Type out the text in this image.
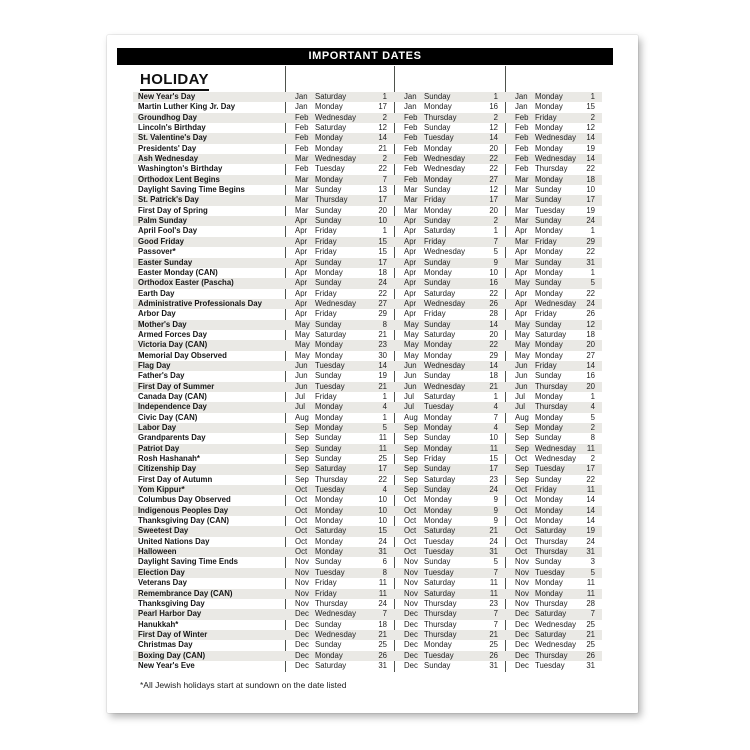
IMPORTANT DATES
HOLIDAY
New Year's Day	Jan Saturday	1 Jan Sunday	1 Jan Monday	1
Martin Luther King Jr. Day	Jan Monday	17 Jan Monday	16 Jan Monday	15
Groundhog Day	Feb Wednesday	2 Feb Thursday	2 Feb Friday	2
Lincoln's Birthday	Feb Saturday	12 Feb Sunday	12 Feb Monday	12
St. Valentine's Day	Feb Monday	14 Feb Tuesday	14 Feb Wednesday	14
Presidents' Day	Feb Monday	21 Feb Monday	20 Feb Monday	19
Ash Wednesday	Mar Wednesday	2 Feb Wednesday	22 Feb Wednesday	14
Washington's Birthday	Feb Tuesday	22 Feb Wednesday	22 Feb Thursday	22
Orthodox Lent Begins	Mar Monday	7 Feb Monday	27 Mar Monday	18
Daylight Saving Time Begins	Mar Sunday	13 Mar Sunday	12 Mar Sunday	10
St. Patrick's Day	Mar Thursday	17 Mar Friday	17 Mar Sunday	17
First Day of Spring	Mar Sunday	20 Mar Monday	20 Mar Tuesday	19
Palm Sunday	Apr	Sunday	10 Apr	Sunday	2 Mar Sunday	24
April Fool's Day	Apr	Friday	1 Apr	Saturday	1 Apr	Monday	1
Good Friday	Apr	Friday	15 Apr	Friday	7 Mar Friday	29
Passover*	Apr	Friday	15 Apr	Wednesday	5 Apr	Monday	22
Easter Sunday	Apr	Sunday	17 Apr	Sunday	9 Mar Sunday	31
Easter Monday (CAN)	Apr	Monday	18 Apr	Monday	10 Apr	Monday	1
Orthodox Easter (Pascha)	Apr	Sunday	24 Apr	Sunday	16 May Sunday	5
Earth Day	Apr	Friday	22 Apr	Saturday	22 Apr	Monday	22
Administrative Professionals Day	Apr	Wednesday	27 Apr	Wednesday	26 Apr	Wednesday	24
Arbor Day	Apr	Friday	29 Apr	Friday	28 Apr	Friday	26
Mother's Day	May Sunday	8 May Sunday	14 May Sunday	12
Armed Forces Day	May Saturday	21 May Saturday	20 May Saturday	18
Victoria Day (CAN)	May Monday	23 May Monday	22 May Monday	20
Memorial Day Observed	May Monday	30 May Monday	29 May Monday	27
Flag Day	Jun Tuesday	14 Jun Wednesday	14 Jun Friday	14
Father's Day	Jun Sunday	19 Jun Sunday	18 Jun Sunday	16
First Day of Summer	Jun Tuesday	21 Jun Wednesday	21 Jun Thursday	20
Canada Day (CAN)	Jul	Friday	1 Jul	Saturday	1 Jul	Monday	1
Independence Day	Jul	Monday	4 Jul	Tuesday	4 Jul	Thursday	4
Civic Day (CAN)	Aug Monday	1 Aug Monday	7 Aug Monday	5
Labor Day	Sep Monday	5 Sep Monday	4 Sep Monday	2
Grandparents Day	Sep Sunday	11 Sep Sunday	10 Sep Sunday	8
Patriot Day	Sep Sunday	11 Sep Monday	11 Sep Wednesday	11
Rosh Hashanah*	Sep Sunday	25 Sep Friday	15 Oct	Wednesday	2
Citizenship Day	Sep Saturday	17 Sep Sunday	17 Sep Tuesday	17
First Day of Autumn	Sep Thursday	22 Sep Saturday	23 Sep Sunday	22
Yom Kippur*	Oct	Tuesday	4 Sep Sunday	24 Oct	Friday	11
Columbus Day Observed	Oct	Monday	10 Oct	Monday	9 Oct	Monday	14
Indigenous Peoples Day	Oct	Monday	10 Oct	Monday	9 Oct	Monday	14
Thanksgiving Day (CAN)	Oct	Monday	10 Oct	Monday	9 Oct	Monday	14
Sweetest Day	Oct	Saturday	15 Oct	Saturday	21 Oct	Saturday	19
United Nations Day	Oct	Monday	24 Oct	Tuesday	24 Oct	Thursday	24
Halloween	Oct	Monday	31 Oct	Tuesday	31 Oct	Thursday	31
Daylight Saving Time Ends	Nov Sunday	6 Nov Sunday	5 Nov Sunday	3
Election Day	Nov Tuesday	8 Nov Tuesday	7 Nov Tuesday	5
Veterans Day	Nov Friday	11 Nov Saturday	11 Nov Monday	11
Remembrance Day (CAN)	Nov Friday	11 Nov Saturday	11 Nov Monday	11
Thanksgiving Day	Nov Thursday	24 Nov Thursday	23 Nov Thursday	28
Pearl Harbor Day	Dec Wednesday	7 Dec Thursday	7 Dec Saturday	7
Hanukkah*	Dec Sunday	18 Dec Thursday	7 Dec Wednesday	25
First Day of Winter	Dec Wednesday	21 Dec Thursday	21 Dec Saturday	21
Christmas Day	Dec Sunday	25 Dec Monday	25 Dec Wednesday	25
Boxing Day (CAN)	Dec Monday	26 Dec Tuesday	26 Dec Thursday	26
New Year's Eve	Dec Saturday	31 Dec Sunday	31 Dec Tuesday	31
*All Jewish holidays start at sundown on the date listed
